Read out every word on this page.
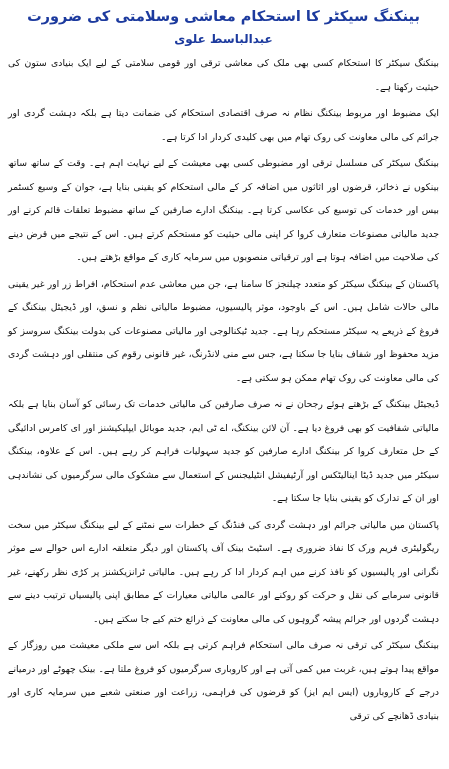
بینکنگ سیکٹر کا استحکام معاشی وسلامتی کی ضرورت
عبدالباسط علوی

بینکنگ سیکٹر کا استحکام کسی بھی ملک کی معاشی ترقی اور قومی سلامتی کے لیے ایک بنیادی ستون کی حیثیت رکھتا ہے۔

ایک مضبوط اور مربوط بینکنگ نظام نہ صرف اقتصادی استحکام کی ضمانت دیتا ہے بلکہ دہشت گردی اور جرائم کی مالی معاونت کی روک تھام میں بھی کلیدی کردار ادا کرتا ہے۔

بینکنگ سیکٹر کی مسلسل ترقی اور مضبوطی کسی بھی معیشت کے لیے نہایت اہم ہے۔ وقت کے ساتھ ساتھ بینکوں نے ذخائر، قرضوں اور اثاثوں میں اضافہ کر کے مالی استحکام کو یقینی بنایا ہے، جوان کے وسیع کسٹمر بیس اور خدمات کی توسیع کی عکاسی کرتا ہے۔ بینکنگ ادارے صارفین کے ساتھ مضبوط تعلقات قائم کرنے اور جدید مالیاتی مصنوعات متعارف کروا کر اپنی مالی حیثیت کو مستحکم کرتے ہیں۔ اس کے نتیجے میں قرض دینے کی صلاحیت میں اضافہ ہوتا ہے اور ترقیاتی منصوبوں میں سرمایہ کاری کے مواقع بڑھتے ہیں۔

پاکستان کے بینکنگ سیکٹر کو متعدد چیلنجز کا سامنا ہے، جن میں معاشی عدم استحکام، افراط زر اور غیر یقینی مالی حالات شامل ہیں۔ اس کے باوجود، موثر پالیسیوں، مضبوط مالیاتی نظم و نسق، اور ڈیجیٹل بینکنگ کے فروغ کے ذریعے یہ سیکٹر مستحکم رہا ہے۔ جدید ٹیکنالوجی اور مالیاتی مصنوعات کی بدولت بینکنگ سروسز کو مزید محفوظ اور شفاف بنایا جا سکتا ہے، جس سے منی لانڈرنگ، غیر قانونی رقوم کی منتقلی اور دہشت گردی کی مالی معاونت کی روک تھام ممکن ہو سکتی ہے۔

ڈیجیٹل بینکنگ کے بڑھتے ہوئے رجحان نے نہ صرف صارفین کی مالیاتی خدمات تک رسائی کو آسان بنایا ہے بلکہ مالیاتی شفافیت کو بھی فروغ دیا ہے۔ آن لائن بینکنگ، اے ٹی ایم، جدید موبائل ایپلیکیشنز اور ای کامرس ادائیگی کے حل متعارف کروا کر بینکنگ ادارے صارفین کو جدید سہولیات فراہم کر رہے ہیں۔ اس کے علاوہ، بینکنگ سیکٹر میں جدید ڈیٹا اینالیٹکس اور آرٹیفیشل انٹیلیجنس کے استعمال سے مشکوک مالی سرگرمیوں کی نشاندہی اور ان کے تدارک کو یقینی بنایا جا سکتا ہے۔

پاکستان میں مالیاتی جرائم اور دہشت گردی کی فنڈنگ کے خطرات سے نمٹنے کے لیے بینکنگ سیکٹر میں سخت ریگولیٹری فریم ورک کا نفاذ ضروری ہے۔ اسٹیٹ بینک آف پاکستان اور دیگر متعلقہ ادارے اس حوالے سے موثر نگرانی اور پالیسیوں کو نافذ کرنے میں اہم کردار ادا کر رہے ہیں۔ مالیاتی ٹرانزیکشنز پر کڑی نظر رکھنے، غیر قانونی سرمایے کی نقل و حرکت کو روکنے اور عالمی مالیاتی معیارات کے مطابق اپنی پالیسیاں ترتیب دینے سے دہشت گردوں اور جرائم پیشہ گروہوں کی مالی معاونت کے ذرائع ختم کیے جا سکتے ہیں۔

بینکنگ سیکٹر کی ترقی نہ صرف مالی استحکام فراہم کرتی ہے بلکہ اس سے ملکی معیشت میں روزگار کے مواقع پیدا ہوتے ہیں، غربت میں کمی آتی ہے اور کاروباری سرگرمیوں کو فروغ ملتا ہے۔ بینک چھوٹے اور درمیانے درجے کے کاروباروں (ایس ایم ایز) کو قرضوں کی فراہمی، زراعت اور صنعتی شعبے میں سرمایہ کاری اور بنیادی ڈھانچے کی ترقی
